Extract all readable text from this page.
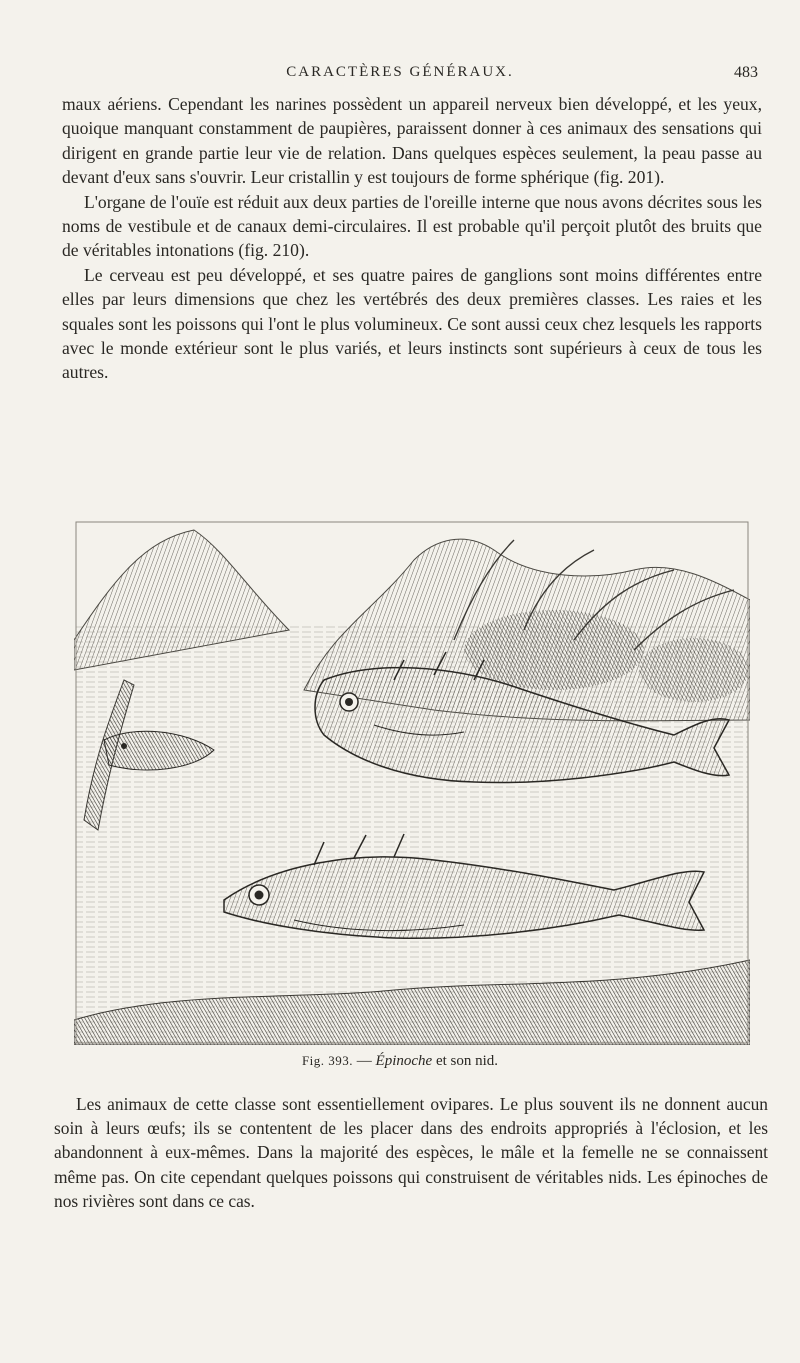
CARACTÈRES GÉNÉRAUX.	483

maux aériens. Cependant les narines possèdent un appareil nerveux bien développé, et les yeux, quoique manquant constamment de paupières, paraissent donner à ces animaux des sensations qui dirigent en grande partie leur vie de relation. Dans quelques espèces seulement, la peau passe au devant d'eux sans s'ouvrir. Leur cristallin y est toujours de forme sphérique (fig. 201).

L'organe de l'ouïe est réduit aux deux parties de l'oreille interne que nous avons décrites sous les noms de vestibule et de canaux demi-circulaires. Il est probable qu'il perçoit plutôt des bruits que de véritables intonations (fig. 210).

Le cerveau est peu développé, et ses quatre paires de ganglions sont moins différentes entre elles par leurs dimensions que chez les vertébrés des deux premières classes. Les raies et les squales sont les poissons qui l'ont le plus volumineux. Ce sont aussi ceux chez lesquels les rapports avec le monde extérieur sont le plus variés, et leurs instincts sont supérieurs à ceux de tous les autres.

Fig. 393. — Épinoche et son nid.

Les animaux de cette classe sont essentiellement ovipares. Le plus souvent ils ne donnent aucun soin à leurs œufs; ils se contentent de les placer dans des endroits appropriés à l'éclosion, et les abandonnent à eux-mêmes. Dans la majorité des espèces, le mâle et la femelle ne se connaissent même pas. On cite cependant quelques poissons qui construisent de véritables nids. Les épinoches de nos rivières sont dans ce cas.
